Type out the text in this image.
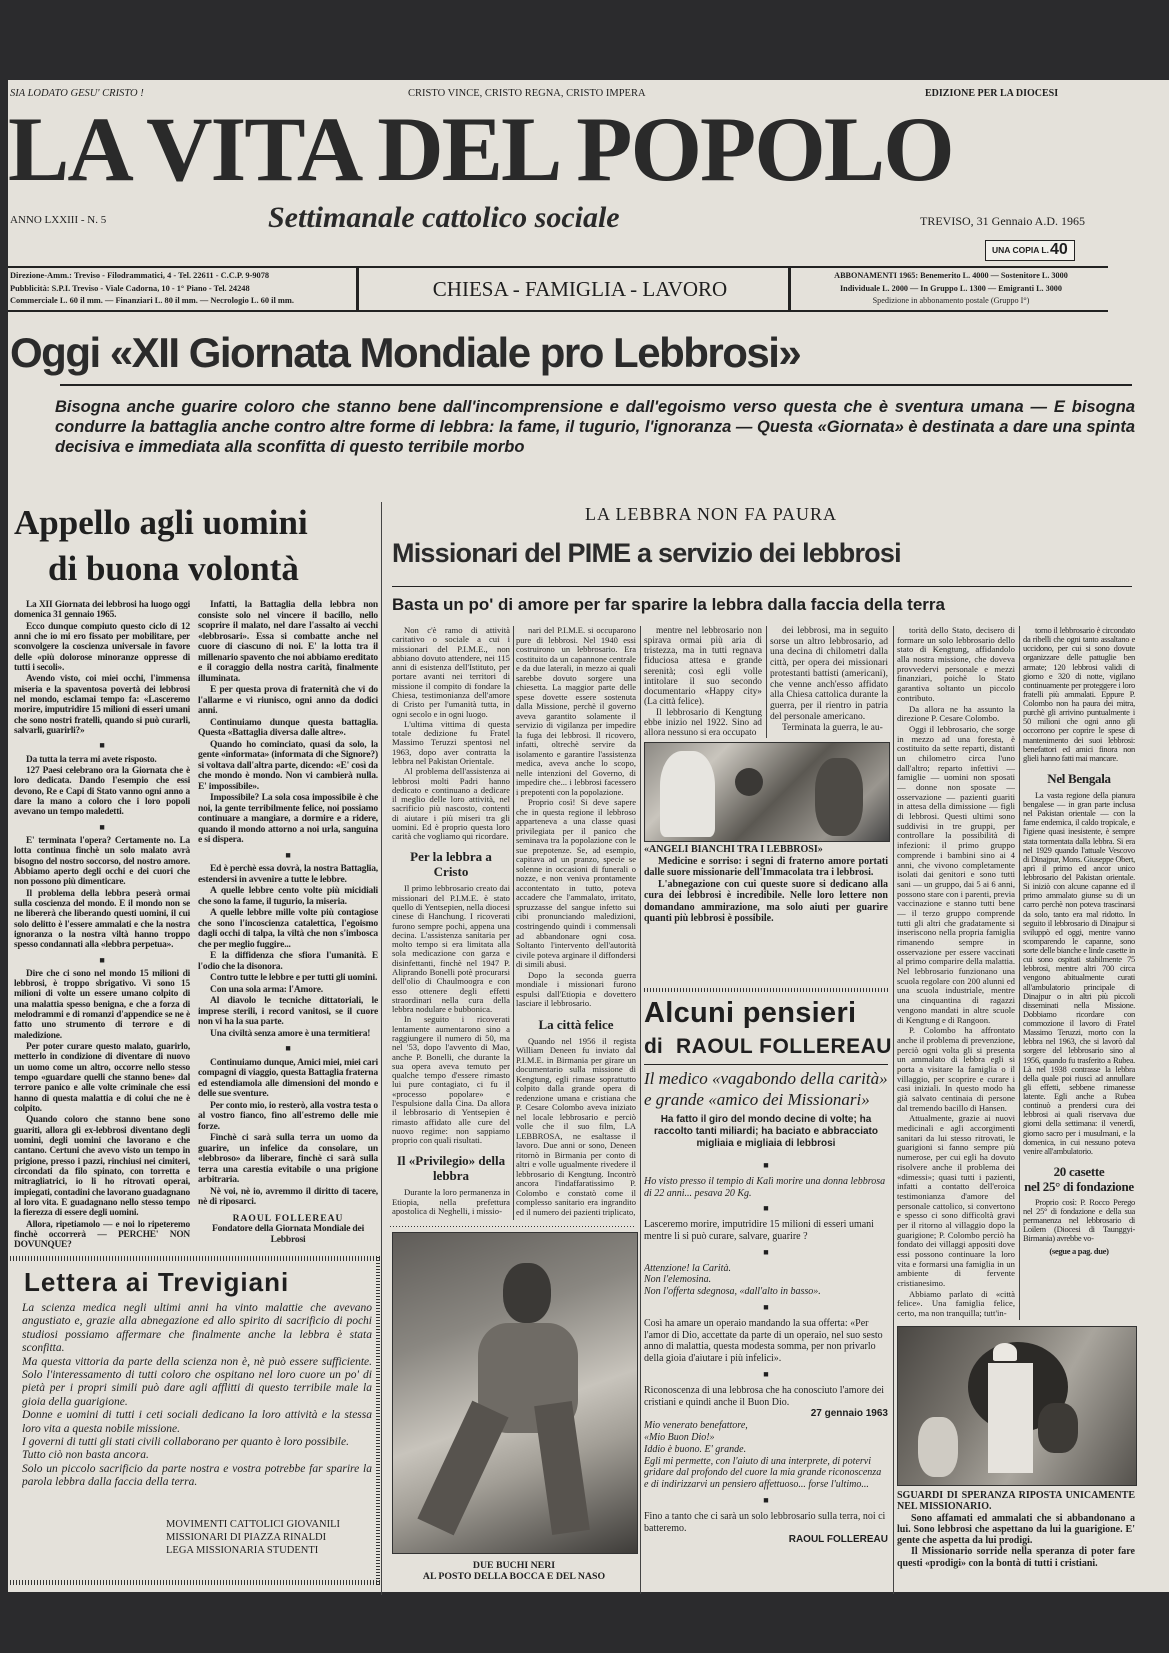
SIA LODATO GESU' CRISTO !	CRISTO VINCE, CRISTO REGNA, CRISTO IMPERA	EDIZIONE PER LA DIOCESI
LA VITA DEL POPOLO
ANNO LXXIII - N. 5	Settimanale cattolico sociale	TREVISO, 31 Gennaio A.D. 1965
UNA COPIA L. 40
Direzione-Amm.: Treviso - Filodrammatici, 4 - Tel. 22611 - C.C.P. 9-9078
Pubblicità: S.P.I. Treviso - Viale Cadorna, 10 - 1° Piano - Tel. 24248
Commerciale L. 60 il mm. — Finanziari L. 80 il mm. — Necrologio L. 60 il mm.	CHIESA - FAMIGLIA - LAVORO
ABBONAMENTI 1965: Benemerito L. 4000 — Sostenitore L. 3000
Individuale L. 2000 — In Gruppo L. 1300 — Emigranti L. 3000
Spedizione in abbonamento postale (Gruppo I°)
Oggi «XII Giornata Mondiale pro Lebbrosi»
Bisogna anche guarire coloro che stanno bene dall'incomprensione e dall'egoismo verso questa che è sventura umana — E bisogna condurre la battaglia anche contro altre forme di lebbra: la fame, il tugurio, l'ignoranza — Questa «Giornata» è destinata a dare una spinta decisiva e immediata alla sconfitta di questo terribile morbo
Appello agli uomini
di buona volontà

La XII Giornata dei lebbrosi ha luogo oggi domenica 31 gennaio 1965.

Ecco dunque compiuto questo ciclo di 12 anni che io mi ero fissato per mobilitare, per sconvolgere la coscienza universale in favore delle «più dolorose minoranze oppresse di tutti i secoli».

Avendo visto, coi miei occhi, l'immensa miseria e la spaventosa povertà dei lebbrosi nel mondo, esclamai tempo fa: «Lasceremo morire, imputridire 15 milioni di esseri umani che sono nostri fratelli, quando si può curarli, salvarli, guarirli?»

■

Da tutta la terra mi avete risposto.

127 Paesi celebrano ora la Giornata che è loro dedicata. Dando l'esempio che essi devono, Re e Capi di Stato vanno ogni anno a dare la mano a coloro che i loro popoli avevano un tempo maledetti.

■

E' terminata l'opera? Certamente no. La lotta continua finchè un solo malato avrà bisogno del nostro soccorso, del nostro amore. Abbiamo aperto degli occhi e dei cuori che non possono più dimenticare.

Il problema della lebbra peserà ormai sulla coscienza del mondo. E il mondo non se ne libererà che liberando questi uomini, il cui solo delitto è l'essere ammalati e che la nostra ignoranza o la nostra viltà hanno troppo spesso condannati alla «lebbra perpetua».

■

Dire che ci sono nel mondo 15 milioni di lebbrosi, è troppo sbrigativo. Vi sono 15 milioni di volte un essere umano colpito di una malattia spesso benigna, e che a forza di melodrammi e di romanzi d'appendice se ne è fatto uno strumento di terrore e di maledizione.

Per poter curare questo malato, guarirlo, metterlo in condizione di diventare di nuovo un uomo come un altro, occorre nello stesso tempo «guardare quelli che stanno bene» dal terrore panico e alle volte criminale che essi hanno di questa malattia e di colui che ne è colpito.

Quando coloro che stanno bene sono guariti, allora gli ex-lebbrosi diventano degli uomini, degli uomini che lavorano e che cantano. Certuni che avevo visto un tempo in prigione, presso i pazzi, rinchiusi nei cimiteri, circondati da filo spinato, con torretta e mitragliatrici, io li ho ritrovati operai, impiegati, contadini che lavorano guadagnano al loro vita. E guadagnano nello stesso tempo la fierezza di essere degli uomini.

Allora, ripetiamolo — e noi lo ripeteremo finchè occorrerà — PERCHE' NON DOVUNQUE?

Infatti, la Battaglia della lebbra non consiste solo nel vincere il bacillo, nello scoprire il malato, nel dare l'assalto ai vecchi «lebbrosari». Essa si combatte anche nel cuore di ciascuno di noi. E' la lotta tra il millenario spavento che noi abbiamo ereditato e il coraggio della nostra carità, finalmente illuminata.

E per questa prova di fraternità che vi do l'allarme e vi riunisco, ogni anno da dodici anni.

Continuiamo dunque questa battaglia. Questa «Battaglia diversa dalle altre».

Quando ho cominciato, quasi da solo, la gente «informata» (informata di che Signore?) si voltava dall'altra parte, dicendo: «E' così da che mondo è mondo. Non vi cambierà nulla. E' impossibile».

Impossibile? La sola cosa impossibile è che noi, la gente terribilmente felice, noi possiamo continuare a mangiare, a dormire e a ridere, quando il mondo attorno a noi urla, sanguina e si dispera.

■

Ed è perchè essa dovrà, la nostra Battaglia, estendersi in avvenire a tutte le lebbre.

A quelle lebbre cento volte più micidiali che sono la fame, il tugurio, la miseria.

A quelle lebbre mille volte più contagiose che sono l'incoscienza catalettica, l'egoismo dagli occhi di talpa, la viltà che non s'imbosca che per meglio fuggire...

E la diffidenza che sfiora l'umanità. E l'odio che la disonora.

Contro tutte le lebbre e per tutti gli uomini.

Con una sola arma: l'Amore.

Al diavolo le tecniche dittatoriali, le imprese sterili, i record vanitosi, se il cuore non vi ha la sua parte.

Una civiltà senza amore è una termitiera!

■

Continuiamo dunque, Amici miei, miei cari compagni di viaggio, questa Battaglia fraterna ed estendiamola alle dimensioni del mondo e delle sue sventure.

Per conto mio, io resterò, alla vostra testa o al vostro fianco, fino all'estremo delle mie forze.

Finchè ci sarà sulla terra un uomo da guarire, un infelice da consolare, un «lebbroso» da liberare, finchè ci sarà sulla terra una carestia evitabile o una prigione arbitraria.

Nè voi, nè io, avremmo il diritto di tacere, nè di riposarci.

RAOUL FOLLEREAU
Fondatore della Giornata Mondiale dei Lebbrosi
Lettera ai Trevigiani
La scienza medica negli ultimi anni ha vinto malattie che avevano angustiato e, grazie alla abnegazione ed allo spirito di sacrificio di pochi studiosi possiamo affermare che finalmente anche la lebbra è stata sconfitta.
Ma questa vittoria da parte della scienza non è, nè può essere sufficiente. Solo l'interessamento di tutti coloro che ospitano nel loro cuore un po' di pietà per i propri simili può dare agli afflitti di questo terribile male la gioia della guarigione.
Donne e uomini di tutti i ceti sociali dedicano la loro attività e la stessa loro vita a questa nobile missione.
I governi di tutti gli stati civili collaborano per quanto è loro possibile.
Tutto ciò non basta ancora.
Solo un piccolo sacrificio da parte nostra e vostra potrebbe far sparire la parola lebbra dalla faccia della terra.
MOVIMENTI CATTOLICI GIOVANILI
MISSIONARI DI PIAZZA RINALDI
LEGA MISSIONARIA STUDENTI
LA LEBBRA NON FA PAURA
Missionari del PIME a servizio dei lebbrosi
Basta un po' di amore per far sparire la lebbra dalla faccia della terra

Non c'è ramo di attività caritativo o sociale a cui i missionari del P.I.M.E., non abbiano dovuto attendere, nei 115 anni di esistenza dell'Istituto, per portare avanti nei territori di missione il compito di fondare la Chiesa, testimonianza dell'amore di Cristo per l'umanità tutta, in ogni secolo e in ogni luogo.

L'ultima vittima di questa totale dedizione fu Fratel Massimo Teruzzi spentosi nel 1963, dopo aver contratta la lebbra nel Pakistan Orientale.

Al problema dell'assistenza ai lebbrosi molti Padri hanno dedicato e continuano a dedicare il meglio delle loro attività, nel sacrificio più nascosto, contenti di aiutare i più miseri tra gli uomini. Ed è proprio questa loro carità che vogliamo qui ricordare.

Per la lebbra a Cristo

Il primo lebbrosario creato dai missionari del P.I.M.E. è stato quello di Yentsepien, nella diocesi cinese di Hanchung. I ricoverati furono sempre pochi, appena una decina. L'assistenza sanitaria per molto tempo si era limitata alla sola medicazione con garza e disinfettanti, finchè nel 1947 P. Aliprando Bonelli potè procurarsi dell'olio di Chaulmoogra e con esso ottenere degli effetti straordinari nella cura della lebbra nodulare e bubbonica.

In seguito i ricoverati lentamente aumentarono sino a raggiungere il numero di 50, ma nel '53, dopo l'avvento di Mao, anche P. Bonelli, che durante la sua opera aveva temuto per qualche tempo d'essere rimasto lui pure contagiato, ci fu il «processo popolare» e l'espulsione dalla Cina. Da allora il lebbrosario di Yentsepien è rimasto affidato alle cure del nuovo regime: non sappiamo proprio con quali risultati.

Il «Privilegio» della lebbra

Durante la loro permanenza in Etiopia, nella prefettura apostolica di Neghelli, i missio-

nari del P.I.M.E. si occuparono pure di lebbrosi. Nel 1940 essi costruirono un lebbrosario. Era costituito da un capannone centrale e da due laterali, in mezzo ai quali sarebbe dovuto sorgere una chiesetta. La maggior parte delle spese dovette essere sostenuta dalla Missione, perchè il governo aveva garantito solamente il servizio di vigilanza per impedire la fuga dei lebbrosi. Il ricovero, infatti, oltrechè servire da isolamento e garantire l'assistenza medica, aveva anche lo scopo, nelle intenzioni del Governo, di impedire che... i lebbrosi facessero i prepotenti con la popolazione.

Proprio così! Si deve sapere che in questa regione il lebbroso apparteneva a una classe quasi privilegiata per il panico che seminava tra la popolazione con le sue prepotenze. Se, ad esempio, capitava ad un pranzo, specie se solenne in occasioni di funerali o nozze, e non veniva prontamente accontentato in tutto, poteva accadere che l'ammalato, irritato, spruzzasse del sangue infetto sui cibi pronunciando maledizioni, costringendo quindi i commensali ad abbandonare ogni cosa. Soltanto l'intervento dell'autorità civile poteva arginare il diffondersi di simili abusi.

Dopo la seconda guerra mondiale i missionari furono espulsi dall'Etiopia e dovettero lasciare il lebbrosario.

La città felice

Quando nel 1956 il regista William Deneen fu inviato dal P.I.M.E. in Birmania per girare un documentario sulla missione di Kengtung, egli rimase soprattutto colpito dalla grande opera di redenzione umana e cristiana che P. Cesare Colombo aveva iniziato nel locale lebbrosario e perciò volle che il suo film, LA LEBBROSA, ne esaltasse il lavoro. Due anni or sono, Deneen ritornò in Birmania per conto di altri e volle ugualmente rivedere il lebbrosario di Kengtung. Incontrò ancora l'indaffaratissimo P. Colombo e constatò come il complesso sanitario era ingrandito ed il numero dei pazienti triplicato,

mentre nel lebbrosario non spirava ormai più aria di tristezza, ma in tutti regnava fiduciosa attesa e grande serenità; così egli volle intitolare il suo secondo documentario «Happy city» (La città felice).

Il lebbrosario di Kengtung ebbe inizio nel 1922. Sino ad allora nessuno si era occupato

dei lebbrosi, ma in seguito sorse un altro lebbrosario, ad una decina di chilometri dalla città, per opera dei missionari protestanti battisti (americani), che venne anch'esso affidato alla Chiesa cattolica durante la guerra, per il rientro in patria del personale americano.

Terminata la guerra, le au-

«ANGELI BIANCHI TRA I LEBBROSI»
Medicine e sorriso: i segni di fraterno amore portati dalle suore missionarie dell'Immacolata tra i lebbrosi.
L'abnegazione con cui queste suore si dedicano alla cura dei lebbrosi è incredibile. Nelle loro lettere non domandano ammirazione, ma solo aiuti per guarire quanti più lebbrosi è possibile.
Alcuni pensieri
di RAOUL FOLLEREAU
Il medico «vagabondo della carità»
e grande «amico dei Missionari»
Ha fatto il giro del mondo decine di volte; ha raccolto tanti miliardi; ha baciato e abbracciato migliaia e migliaia di lebbrosi
■
Ho visto presso il tempio di Kalì morire una donna lebbrosa di 22 anni... pesava 20 Kg.
■
Lasceremo morire, imputridire 15 milioni di esseri umani mentre li si può curare, salvare, guarire ?
■
Attenzione! la Carità.
Non l'elemosina.
Non l'offerta sdegnosa, «dall'alto in basso».
■
Così ha amare un operaio mandando la sua offerta: «Per l'amor di Dio, accettate da parte di un operaio, nel suo sesto anno di malattia, questa modesta somma, per non privarlo della gioia d'aiutare i più infelici».
■
Riconoscenza di una lebbrosa che ha conosciuto l'amore dei cristiani e quindi anche il Buon Dio.
27 gennaio 1963
Mio venerato benefattore,
«Mio Buon Dio!»
Iddio è buono. E' grande.
Egli mi permette, con l'aiuto di una interprete, di potervi gridare dal profondo del cuore la mia grande riconoscenza e di indirizzarvi un pensiero affettuoso... forse l'ultimo...
■
Fino a tanto che ci sarà un solo lebbrosario sulla terra, noi ci batteremo.
RAOUL FOLLEREAU
DUE BUCHI NERI
AL POSTO DELLA BOCCA E DEL NASO

torità dello Stato, decisero di formare un solo lebbrosario dello stato di Kengtung, affidandolo alla nostra missione, che doveva provvedervi personale e mezzi finanziari, poichè lo Stato garantiva soltanto un piccolo contributo.

Da allora ne ha assunto la direzione P. Cesare Colombo.

Oggi il lebbrosario, che sorge in mezzo ad una foresta, è costituito da sette reparti, distanti un chilometro circa l'uno dall'altro; reparto infettivi — famiglie — uomini non sposati — donne non sposate — osservazione — pazienti guariti in attesa della dimissione — figli di lebbrosi. Questi ultimi sono suddivisi in tre gruppi, per controllare la possibilità di infezioni: il primo gruppo comprende i bambini sino ai 4 anni, che vivono completamente isolati dai genitori e sono tutti sani — un gruppo, dai 5 ai 6 anni, possono stare con i parenti, previa vaccinazione e stanno tutti bene — il terzo gruppo comprende tutti gli altri che gradatamente si inseriscono nella propria famiglia rimanendo sempre in osservazione per essere vaccinati al primo comparire della malattia. Nel lebbrosario funzionano una scuola regolare con 200 alunni ed una scuola industriale, mentre una cinquantina di ragazzi vengono mandati in altre scuole di Kengtung e di Rangoon.

P. Colombo ha affrontato anche il problema di prevenzione, perciò ogni volta gli si presenta un ammalato di lebbra egli si porta a visitare la famiglia o il villaggio, per scoprire e curare i casi iniziali. In questo modo ha già salvato centinaia di persone dal tremendo bacillo di Hansen.

Attualmente, grazie ai nuovi medicinali e agli accorgimenti sanitari da lui stesso ritrovati, le guarigioni si fanno sempre più numerose, per cui egli ha dovuto risolvere anche il problema dei «dimessi»; quasi tutti i pazienti, infatti a contatto dell'eroica testimonianza d'amore del personale cattolico, si convertono e spesso ci sono difficoltà gravi per il ritorno al villaggio dopo la guarigione; P. Colombo perciò ha fondato dei villaggi appositi dove essi possono continuare la loro vita e formarsi una famiglia in un ambiente di fervente cristianesimo.

Abbiamo parlato di «città felice». Una famiglia felice, certo, ma non tranquilla; tutt'in-

torno il lebbrosario è circondato da ribelli che ogni tanto assaltano e uccidono, per cui si sono dovute organizzare delle pattuglie ben armate; 120 lebbrosi validi di giorno e 320 di notte, vigilano continuamente per proteggere i loro fratelli più ammalati. Eppure P. Colombo non ha paura dei mitra, purchè gli arrivino puntualmente i 50 milioni che ogni anno gli occorrono per coprire le spese di mantenimento dei suoi lebbrosi: benefattori ed amici finora non glieli hanno fatti mai mancare.

Nel Bengala

La vasta regione della pianura bengalese — in gran parte inclusa nel Pakistan orientale — con la fame endemica, il caldo tropicale, e l'igiene quasi inesistente, è sempre stata tormentata dalla lebbra. Si era nel 1929 quando l'attuale Vescovo di Dinajpur, Mons. Giuseppe Obert, aprì il primo ed ancor unico lebbrosario del Pakistan orientale. Si iniziò con alcune capanne ed il primo ammalato giunse su di un carro perchè non poteva trascinarsi da solo, tanto era mal ridotto. In seguito il lebbrosario di Dinajpur si sviluppò ed oggi, mentre vanno scomparendo le capanne, sono sorte delle bianche e linde casette in cui sono ospitati stabilmente 75 lebbrosi, mentre altri 700 circa vengono abitualmente curati all'ambulatorio principale di Dinajpur o in altri più piccoli disseminati nella Missione. Dobbiamo ricordare con commozione il lavoro di Fratel Massimo Teruzzi, morto con la lebbra nel 1963, che si lavorò dal sorgere del lebbrosario sino al 1956, quando fu trasferito a Rubea. Là nel 1938 contrasse la lebbra della quale poi riuscì ad annullare gli effetti, sebbene rimanesse latente. Egli anche a Rubea continuò a prendersi cura dei lebbrosi ai quali riservava due giorni della settimana: il venerdì, giorno sacro per i musulmani, e la domenica, in cui nessuno poteva venire all'ambulatorio.

20 casette
nel 25° di fondazione

Proprio così: P. Rocco Perego nel 25° di fondazione e della sua permanenza nel lebbrosario di Loilem (Diocesi di Taunggyi-Birmania) avrebbe vo-

(segue a pag. due)
SGUARDI DI SPERANZA RIPOSTA UNICAMENTE NEL MISSIONARIO.
Sono affamati ed ammalati che si abbandonano a lui. Sono lebbrosi che aspettano da lui la guarigione. E' gente che aspetta da lui prodigi.
Il Missionario sorride nella speranza di poter fare questi «prodigi» con la bontà di tutti i cristiani.
